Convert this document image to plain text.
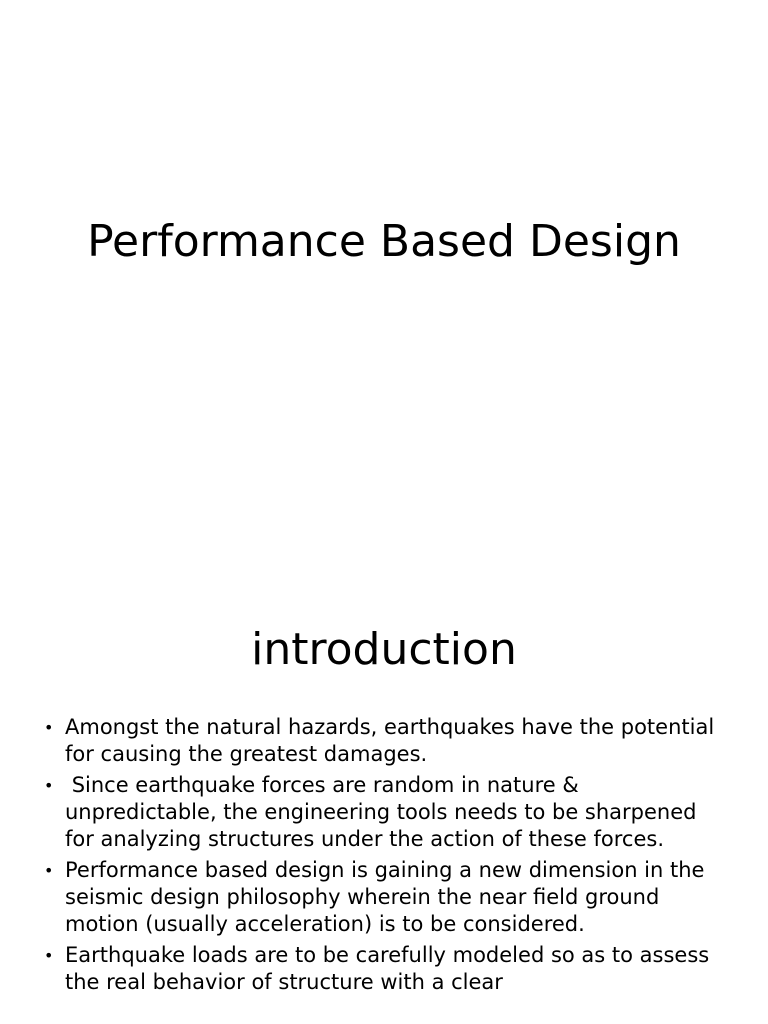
Performance Based Design
introduction
• Amongst the natural hazards, earthquakes have the potential for causing the greatest damages.
• Since earthquake forces are random in nature & unpredictable, the engineering tools needs to be sharpened for analyzing structures under the action of these forces.
• Performance based design is gaining a new dimension in the seismic design philosophy wherein the near field ground motion (usually acceleration) is to be considered.
• Earthquake loads are to be carefully modeled so as to assess the real behavior of structure with a clear
